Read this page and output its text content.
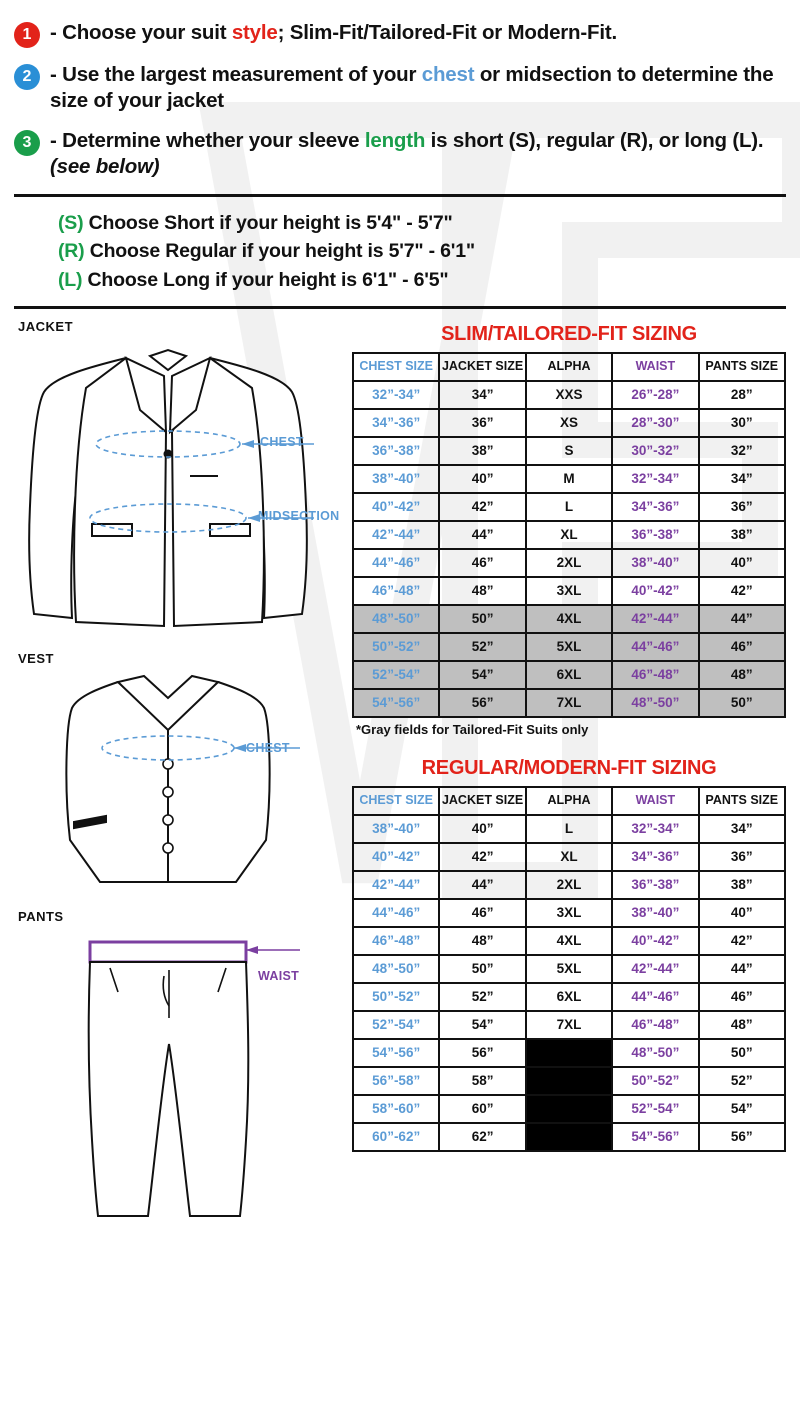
1 - Choose your suit style; Slim-Fit/Tailored-Fit or Modern-Fit.
2 - Use the largest measurement of your chest or midsection to determine the size of your jacket
3 - Determine whether your sleeve length is short (S), regular (R), or long (L). (see below)
(S) Choose Short if your height is 5'4" - 5'7"
(R) Choose Regular if your height is 5'7" - 6'1"
(L) Choose Long if your height is 6'1" - 6'5"
JACKET
CHEST
MIDSECTION
VEST
CHEST
PANTS
WAIST
SLIM/TAILORED-FIT SIZING
CHEST SIZE	JACKET SIZE	ALPHA	WAIST	PANTS SIZE
32”-34”	34”	XXS	26”-28”	28”
34”-36”	36”	XS	28”-30”	30”
36”-38”	38”	S	30”-32”	32”
38”-40”	40”	M	32”-34”	34”
40”-42”	42”	L	34”-36”	36”
42”-44”	44”	XL	36”-38”	38”
44”-46”	46”	2XL	38”-40”	40”
46”-48”	48”	3XL	40”-42”	42”
48”-50”	50”	4XL	42”-44”	44”
50”-52”	52”	5XL	44”-46”	46”
52”-54”	54”	6XL	46”-48”	48”
54”-56”	56”	7XL	48”-50”	50”
*Gray fields for Tailored-Fit Suits only
REGULAR/MODERN-FIT SIZING
CHEST SIZE	JACKET SIZE	ALPHA	WAIST	PANTS SIZE
38”-40”	40”	L	32”-34”	34”
40”-42”	42”	XL	34”-36”	36”
42”-44”	44”	2XL	36”-38”	38”
44”-46”	46”	3XL	38”-40”	40”
46”-48”	48”	4XL	40”-42”	42”
48”-50”	50”	5XL	42”-44”	44”
50”-52”	52”	6XL	44”-46”	46”
52”-54”	54”	7XL	46”-48”	48”
54”-56”	56”		48”-50”	50”
56”-58”	58”		50”-52”	52”
58”-60”	60”		52”-54”	54”
60”-62”	62”		54”-56”	56”
